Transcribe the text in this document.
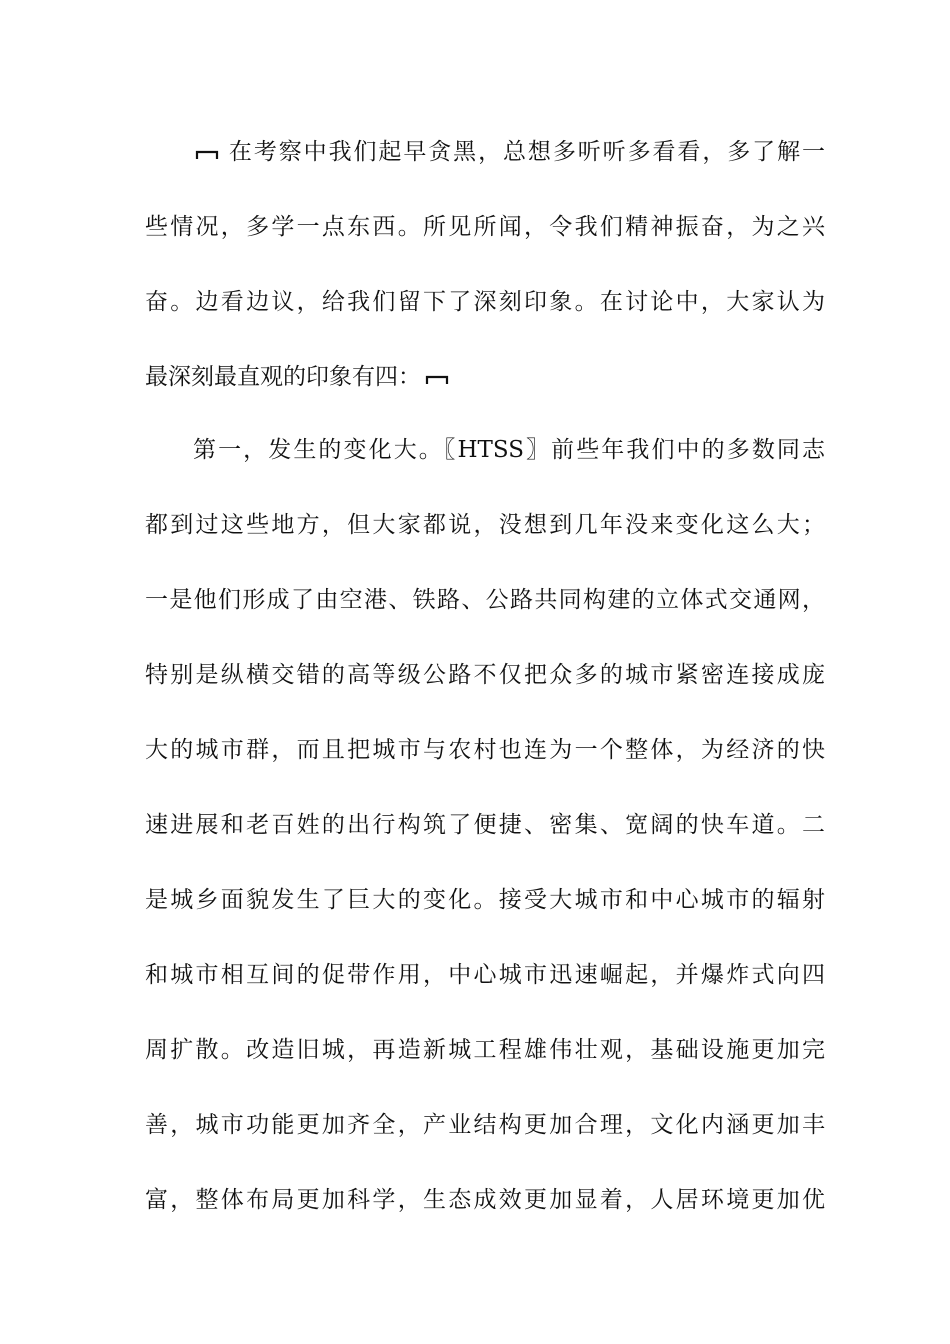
在考察中我们起早贪黑，总想多听听多看看，多了解一
些情况，多学一点东西。所见所闻，令我们精神振奋，为之兴
奋。边看边议，给我们留下了深刻印象。在讨论中，大家认为
最深刻最直观的印象有四：
第一，发生的变化大。〖HTSS〗前些年我们中的多数同志
都到过这些地方，但大家都说，没想到几年没来变化这么大；
一是他们形成了由空港、铁路、公路共同构建的立体式交通网，
特别是纵横交错的高等级公路不仅把众多的城市紧密连接成庞
大的城市群，而且把城市与农村也连为一个整体，为经济的快
速进展和老百姓的出行构筑了便捷、密集、宽阔的快车道。二
是城乡面貌发生了巨大的变化。接受大城市和中心城市的辐射
和城市相互间的促带作用，中心城市迅速崛起，并爆炸式向四
周扩散。改造旧城，再造新城工程雄伟壮观，基础设施更加完
善，城市功能更加齐全，产业结构更加合理，文化内涵更加丰
富，整体布局更加科学，生态成效更加显着，人居环境更加优
